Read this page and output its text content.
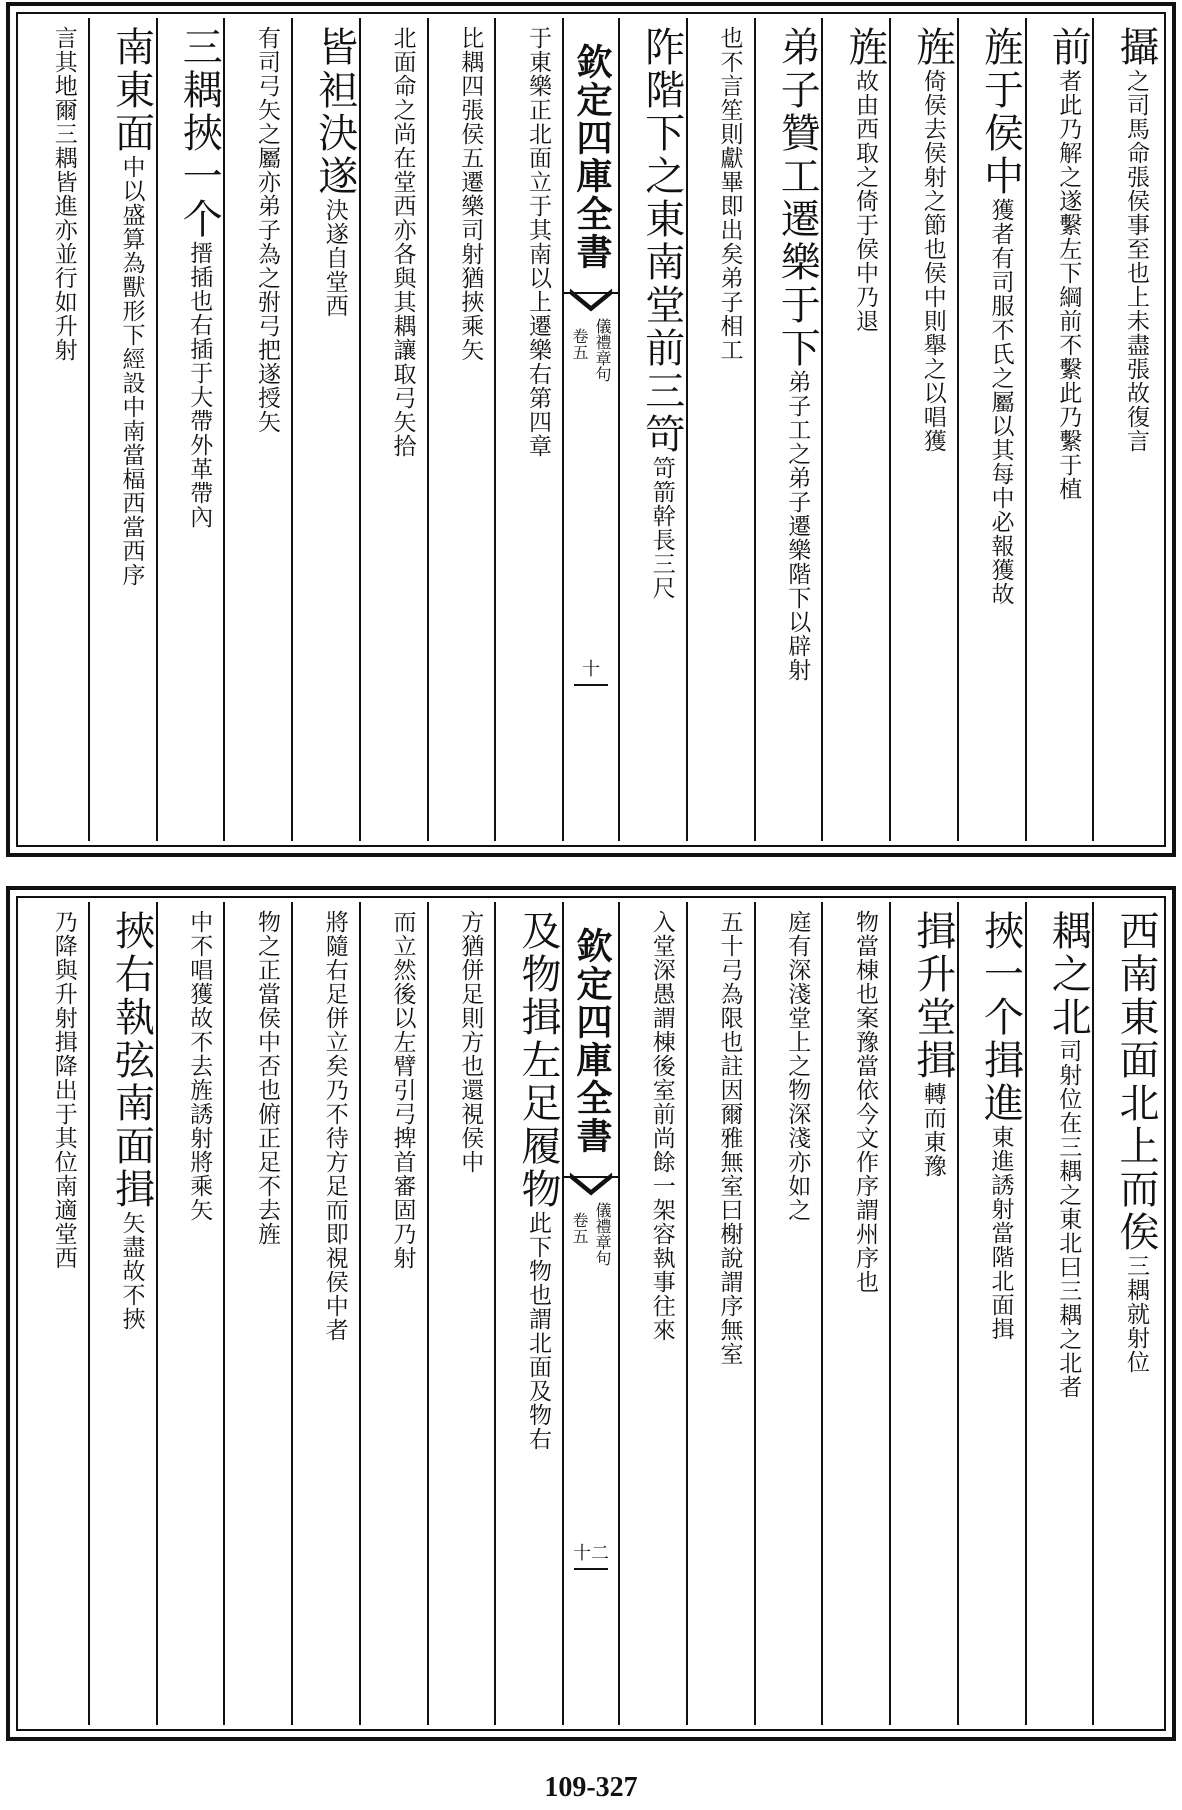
攝之司馬命張侯事至也上未盡張故復言
前者此乃解之遂繫左下綱前不繫此乃繫于植
旌于侯中獲者有司服不氏之屬以其每中必報獲故
旌倚侯去侯射之節也侯中則舉之以唱獲
旌故由西取之倚于侯中乃退
弟子贊工遷樂于下弟子工之弟子遷樂階下以辟射
也不言笙則獻畢即出矣弟子相工
阼階下之東南堂前三笴笴箭幹長三尺
欽定四庫全書
卷五 儀禮章句
十
于東樂正北面立于其南以上遷樂右第四章
比耦四張侯五遷樂司射猶挾乘矢
北面命之尚在堂西亦各與其耦讓取弓矢拾
皆袒決遂決遂自堂西
有司弓矢之屬亦弟子為之弣弓把遂授矢
三耦挾一个搢插也右插于大帶外革帶內
南東面中以盛算為獸形下經設中南當楅西當西序
言其地爾三耦皆進亦並行如升射
西南東面北上而俟三耦就射位
耦之北司射位在三耦之東北曰三耦之北者
挾一个揖進東進誘射當階北面揖
揖升堂揖轉而東豫
物當棟也案豫當依今文作序謂州序也
庭有深淺堂上之物深淺亦如之
五十弓為限也註因爾雅無室曰榭說謂序無室
入堂深愚謂棟後室前尚餘一架容執事往來
欽定四庫全書
卷五 儀禮章句
十二
及物揖左足履物此下物也謂北面及物右
方猶併足則方也還視侯中
而立然後以左臂引弓捭首審固乃射
將隨右足併立矣乃不待方足而即視侯中者
物之正當侯中否也俯正足不去旌
中不唱獲故不去旌誘射將乘矢
挾右執弦南面揖矢盡故不挾
乃降與升射揖降出于其位南適堂西
109-327
